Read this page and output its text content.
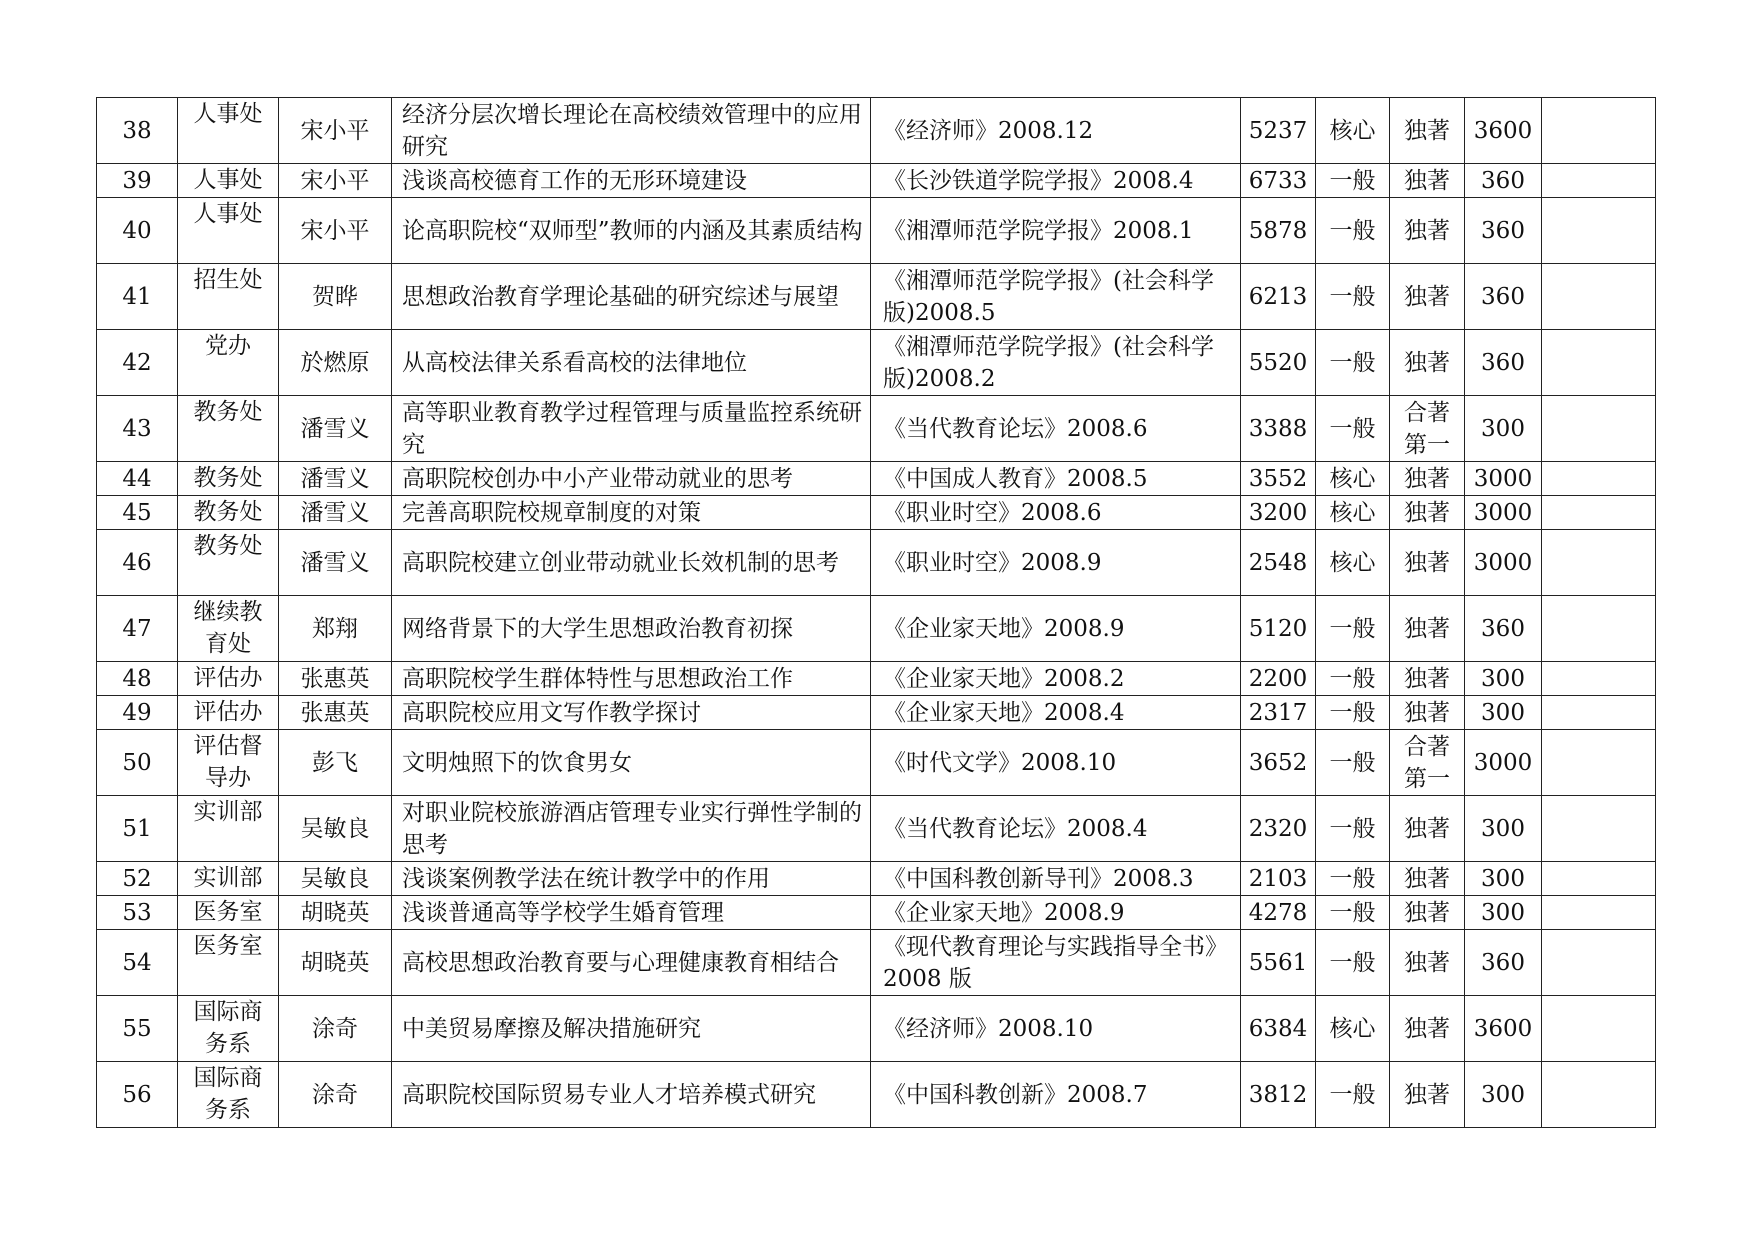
38	人事处	宋小平	经济分层次增长理论在高校绩效管理中的应用研究	《经济师》2008.12	5237	核心	独著	3600	

39	人事处	宋小平	浅谈高校德育工作的无形环境建设	《长沙铁道学院学报》2008.4	6733	一般	独著	360	

40	人事处	宋小平	论高职院校“双师型”教师的内涵及其素质结构	《湘潭师范学院学报》2008.1	5878	一般	独著	360	

41	招生处	贺晔	思想政治教育学理论基础的研究综述与展望	《湘潭师范学院学报》(社会科学版)2008.5	6213	一般	独著	360	

42	党办	於燃原	从高校法律关系看高校的法律地位	《湘潭师范学院学报》(社会科学版)2008.2	5520	一般	独著	360	

43	教务处	潘雪义	高等职业教育教学过程管理与质量监控系统研究	《当代教育论坛》2008.6	3388	一般	合著第一	300	

44	教务处	潘雪义	高职院校创办中小产业带动就业的思考	《中国成人教育》2008.5	3552	核心	独著	3000	

45	教务处	潘雪义	完善高职院校规章制度的对策	《职业时空》2008.6	3200	核心	独著	3000	

46	教务处	潘雪义	高职院校建立创业带动就业长效机制的思考	《职业时空》2008.9	2548	核心	独著	3000	

47	继续教育处	郑翔	网络背景下的大学生思想政治教育初探	《企业家天地》2008.9	5120	一般	独著	360	

48	评估办	张惠英	高职院校学生群体特性与思想政治工作	《企业家天地》2008.2	2200	一般	独著	300	

49	评估办	张惠英	高职院校应用文写作教学探讨	《企业家天地》2008.4	2317	一般	独著	300	

50	评估督导办	彭飞	文明烛照下的饮食男女	《时代文学》2008.10	3652	一般	合著第一	3000	

51	实训部	吴敏良	对职业院校旅游酒店管理专业实行弹性学制的思考	《当代教育论坛》2008.4	2320	一般	独著	300	

52	实训部	吴敏良	浅谈案例教学法在统计教学中的作用	《中国科教创新导刊》2008.3	2103	一般	独著	300	

53	医务室	胡晓英	浅谈普通高等学校学生婚育管理	《企业家天地》2008.9	4278	一般	独著	300	

54	医务室	胡晓英	高校思想政治教育要与心理健康教育相结合	《现代教育理论与实践指导全书》2008 版	5561	一般	独著	360	

55	国际商务系	涂奇	中美贸易摩擦及解决措施研究	《经济师》2008.10	6384	核心	独著	3600	

56	国际商务系	涂奇	高职院校国际贸易专业人才培养模式研究	《中国科教创新》2008.7	3812	一般	独著	300	
